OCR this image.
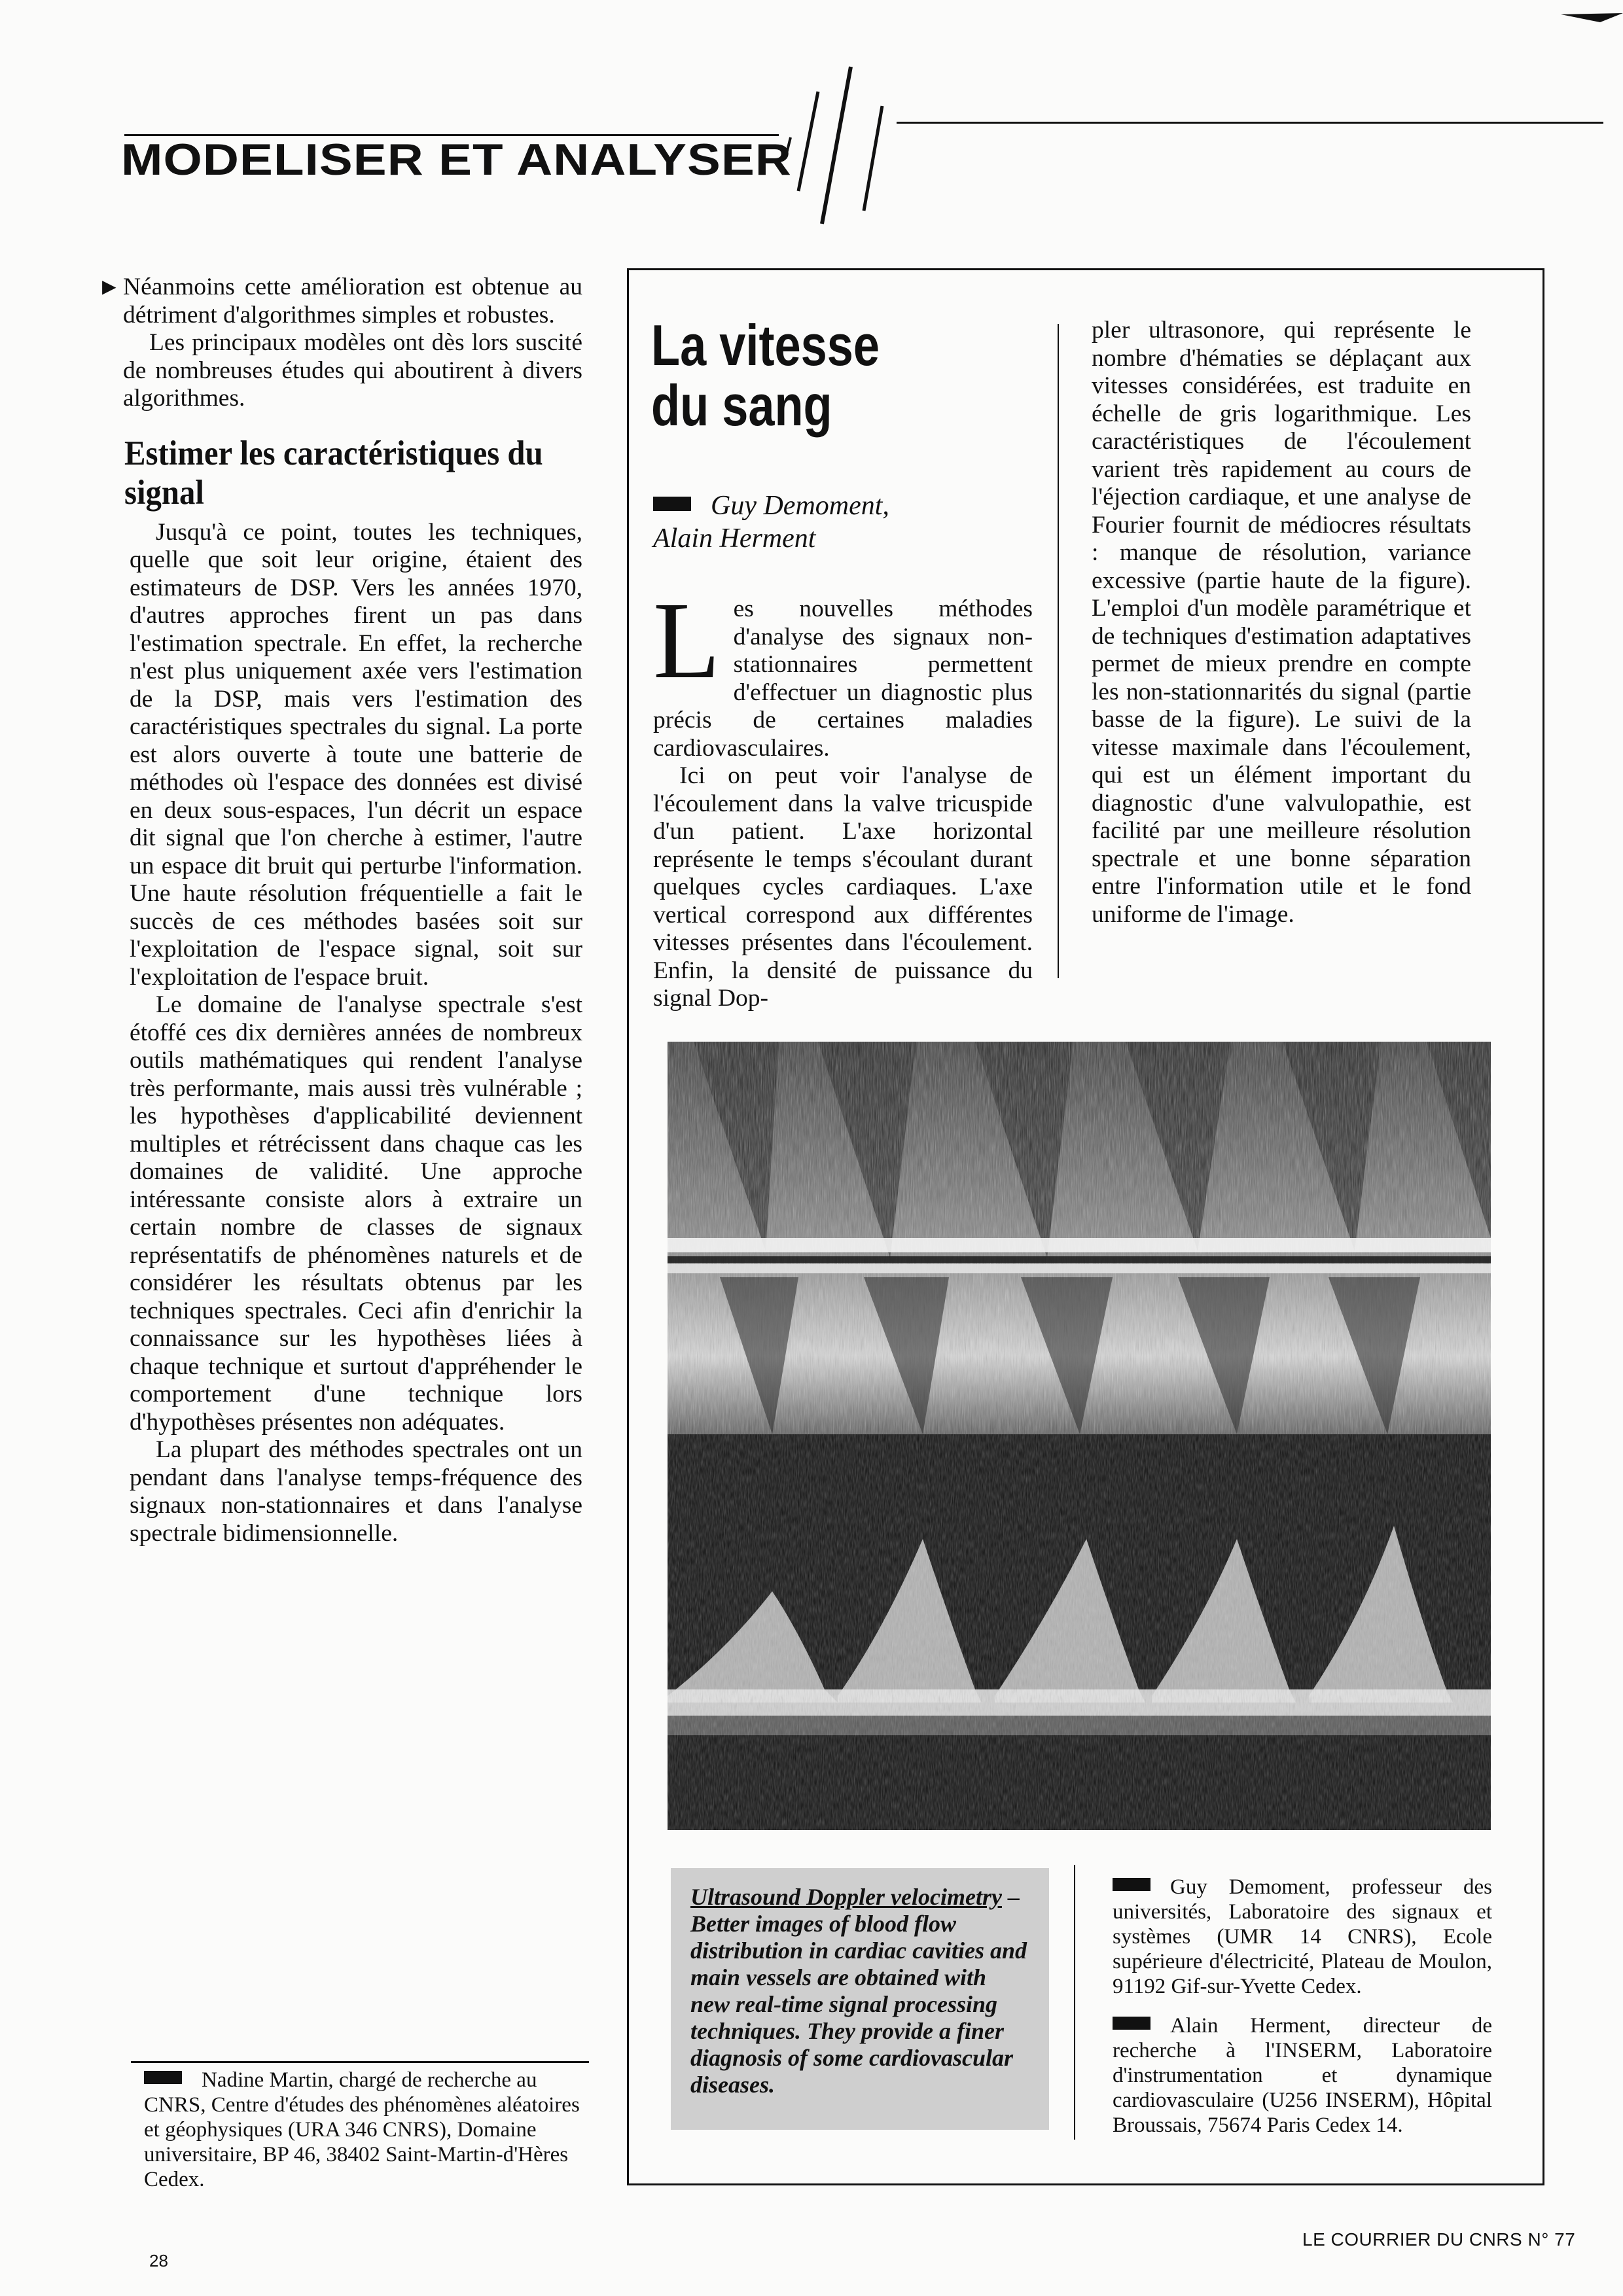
MODELISER ET ANALYSER

▶ Néanmoins cette amélioration est obtenue au détriment d'algorithmes simples et robustes.

Les principaux modèles ont dès lors suscité de nombreuses études qui aboutirent à divers algorithmes.

Estimer les caractéristiques du signal

Jusqu'à ce point, toutes les techniques, quelle que soit leur origine, étaient des estimateurs de DSP. Vers les années 1970, d'autres approches firent un pas dans l'estimation spectrale. En effet, la recherche n'est plus uniquement axée vers l'estimation de la DSP, mais vers l'estimation des caractéristiques spectrales du signal. La porte est alors ouverte à toute une batterie de méthodes où l'espace des données est divisé en deux sous-espaces, l'un décrit un espace dit signal que l'on cherche à estimer, l'autre un espace dit bruit qui perturbe l'information. Une haute résolution fréquentielle a fait le succès de ces méthodes basées soit sur l'exploitation de l'espace signal, soit sur l'exploitation de l'espace bruit.

Le domaine de l'analyse spectrale s'est étoffé ces dix dernières années de nombreux outils mathématiques qui rendent l'analyse très performante, mais aussi très vulnérable ; les hypothèses d'applicabilité deviennent multiples et rétrécissent dans chaque cas les domaines de validité. Une approche intéressante consiste alors à extraire un certain nombre de classes de signaux représentatifs de phénomènes naturels et de considérer les résultats obtenus par les techniques spectrales. Ceci afin d'enrichir la connaissance sur les hypothèses liées à chaque technique et surtout d'appréhender le comportement d'une technique lors d'hypothèses présentes non adéquates.

La plupart des méthodes spectrales ont un pendant dans l'analyse temps-fréquence des signaux non-stationnaires et dans l'analyse spectrale bidimensionnelle.

Nadine Martin, chargé de recherche au CNRS, Centre d'études des phénomènes aléatoires et géophysiques (URA 346 CNRS), Domaine universitaire, BP 46, 38402 Saint-Martin-d'Hères Cedex.
La vitesse
du sang
Guy Demoment,
Alain Herment

Les nouvelles méthodes d'analyse des signaux non-stationnaires permettent d'effectuer un diagnostic plus précis de certaines maladies cardiovasculaires.

Ici on peut voir l'analyse de l'écoulement dans la valve tricuspide d'un patient. L'axe horizontal représente le temps s'écoulant durant quelques cycles cardiaques. L'axe vertical correspond aux différentes vitesses présentes dans l'écoulement. Enfin, la densité de puissance du signal Dop-

pler ultrasonore, qui représente le nombre d'hématies se déplaçant aux vitesses considérées, est traduite en échelle de gris logarithmique. Les caractéristiques de l'écoulement varient très rapidement au cours de l'éjection cardiaque, et une analyse de Fourier fournit de médiocres résultats : manque de résolution, variance excessive (partie haute de la figure). L'emploi d'un modèle paramétrique et de techniques d'estimation adaptatives permet de mieux prendre en compte les non-stationnarités du signal (partie basse de la figure). Le suivi de la vitesse maximale dans l'écoulement, qui est un élément important du diagnostic d'une valvulopathie, est facilité par une meilleure résolution spectrale et une bonne séparation entre l'information utile et le fond uniforme de l'image.

Ultrasound Doppler velocimetry – Better images of blood flow distribution in cardiac cavities and main vessels are obtained with new real-time signal processing techniques. They provide a finer diagnosis of some cardiovascular diseases.

Guy Demoment, professeur des universités, Laboratoire des signaux et systèmes (UMR 14 CNRS), Ecole supérieure d'électricité, Plateau de Moulon, 91192 Gif-sur-Yvette Cedex.

Alain Herment, directeur de recherche à l'INSERM, Laboratoire d'instrumentation et dynamique cardiovasculaire (U256 INSERM), Hôpital Broussais, 75674 Paris Cedex 14.

28
LE COURRIER DU CNRS N° 77
